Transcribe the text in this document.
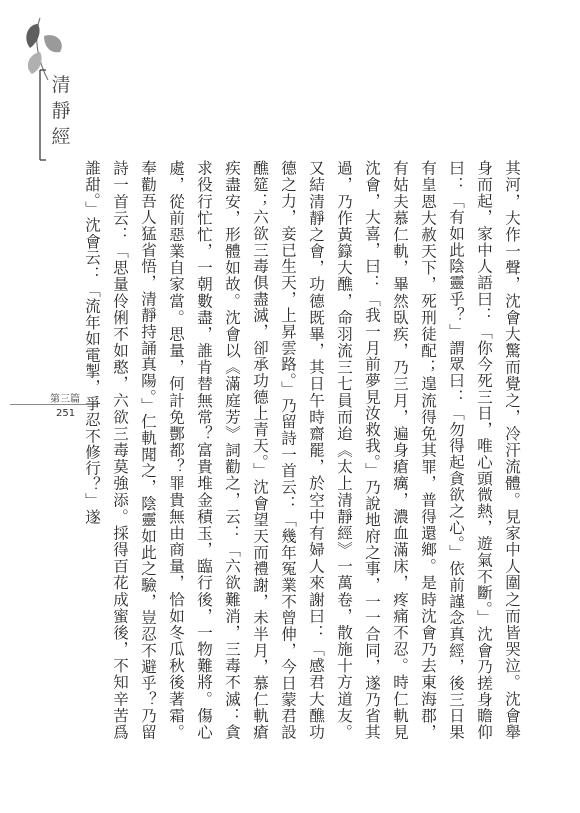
清
靜
經
第三篇
251	其河，大作一聲，沈會大驚而覺之，冷汗流體。見家中人圍之而皆哭泣。沈會舉身而起，家中人語曰：「你今死三日，唯心頭微熱，遊氣不斷。」沈會乃搓身瞻仰曰：「有如此陰靈乎？」謂眾曰：「勿得起貪欲之心。」依前謹念真經，後三日果有皇恩大赦天下，死刑徒配；遑流得免其罪，普得還鄉。是時沈會乃去東海郡，有姑夫慕仁軌，畢然臥疾，乃三月，遍身瘡癘，濃血滿床，疼痛不忍。時仁軌見沈會，大喜，曰：「我一月前夢見汝救我。」乃說地府之事，一一合同，遂乃省其過，乃作黃籙大醮，命羽流三七員而迨《太上清靜經》一萬卷，散施十方道友。又結清靜之會，功德既畢，其日午時齋罷，於空中有婦人來謝曰：「感君大醮功德之力，妾已生天，上昇雲路。」乃留詩一首云：「幾年冤業不曾伸，今日蒙君設醮筵；六欲三毒俱盡滅，卻承功德上青天。」沈會望天而禮謝，未半月，慕仁軌瘡疾盡安，形體如故。沈會以《滿庭芳》詞勸之，云：「六欲難消，三毒不滅：貪求役行忙忙，一朝數盡，誰肯替無常？富貴堆金積玉，臨行後，一物難將。傷心處，從前惡業自家當。思量，何計免酆都？罪貴無由商量，恰如冬瓜秋後著霜。奉勸吾人猛省悟，清靜持誦真陽。」仁軌聞之，陰靈如此之驗，豈忍不避乎？乃留詩一首云：「思量伶俐不如憨，六欲三毒莫強添。採得百花成蜜後，不知辛苦爲誰甜。」沈會云：「流年如電掣，爭忍不修行？」遂
